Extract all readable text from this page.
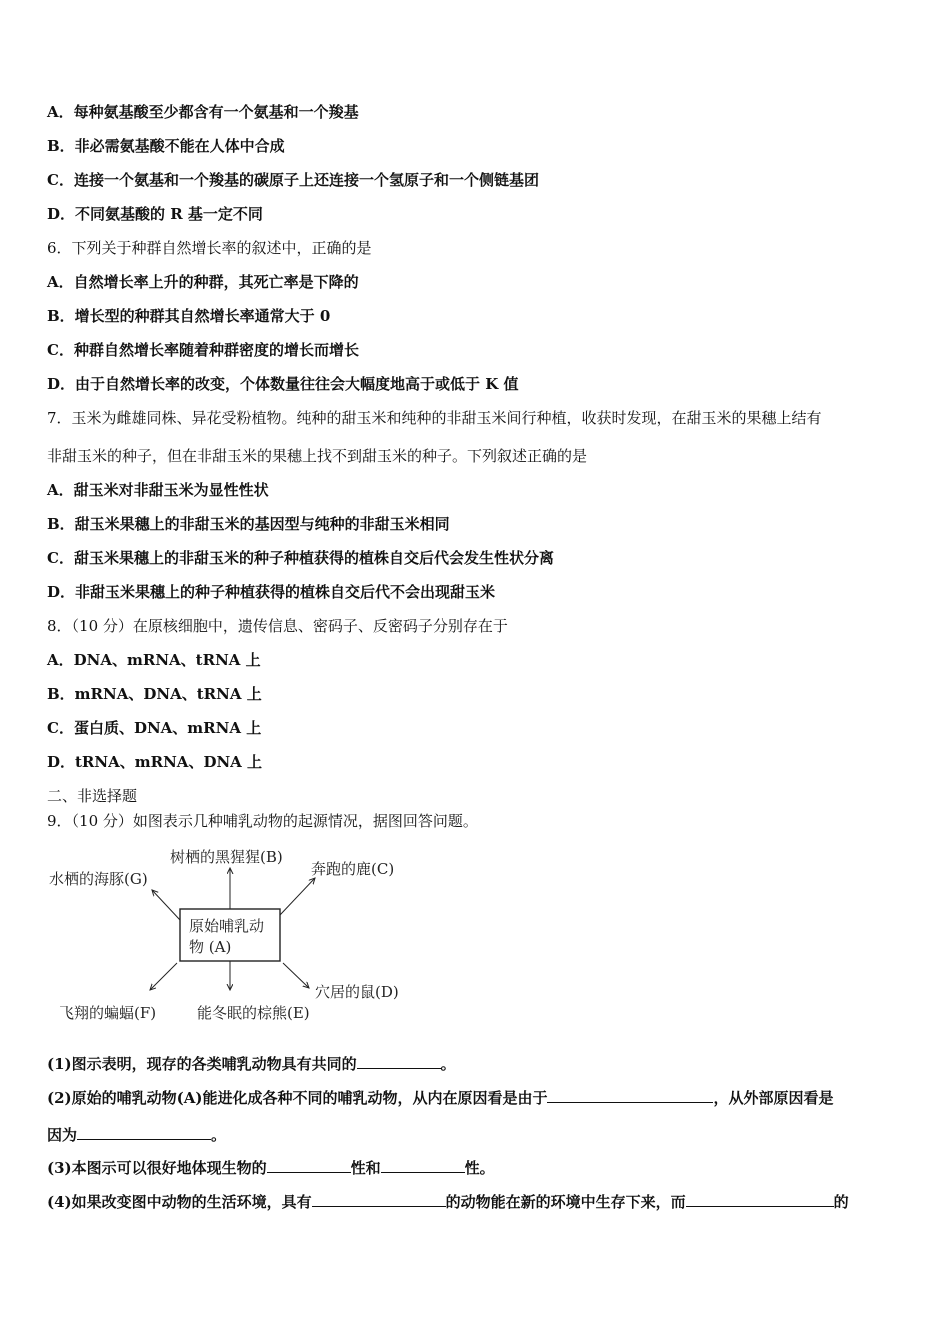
A．每种氨基酸至少都含有一个氨基和一个羧基
B．非必需氨基酸不能在人体中合成
C．连接一个氨基和一个羧基的碳原子上还连接一个氢原子和一个侧链基团
D．不同氨基酸的 R 基一定不同
6．下列关于种群自然增长率的叙述中，正确的是
A．自然增长率上升的种群，其死亡率是下降的
B．增长型的种群其自然增长率通常大于 0
C．种群自然增长率随着种群密度的增长而增长
D．由于自然增长率的改变，个体数量往往会大幅度地高于或低于 K 值
7．玉米为雌雄同株、异花受粉植物。纯种的甜玉米和纯种的非甜玉米间行种植，收获时发现，在甜玉米的果穗上结有
非甜玉米的种子，但在非甜玉米的果穗上找不到甜玉米的种子。下列叙述正确的是
A．甜玉米对非甜玉米为显性性状
B．甜玉米果穗上的非甜玉米的基因型与纯种的非甜玉米相同
C．甜玉米果穗上的非甜玉米的种子种植获得的植株自交后代会发生性状分离
D．非甜玉米果穗上的种子种植获得的植株自交后代不会出现甜玉米
8．（10 分）在原核细胞中，遗传信息、密码子、反密码子分别存在于
A．DNA、mRNA、tRNA 上
B．mRNA、DNA、tRNA 上
C．蛋白质、DNA、mRNA 上
D．tRNA、mRNA、DNA 上
二、非选择题
9．（10 分）如图表示几种哺乳动物的起源情况，据图回答问题。
原始哺乳动
物 (A)
树栖的黑猩猩(B)
奔跑的鹿(C)
水栖的海豚(G)
穴居的鼠(D)
能冬眠的棕熊(E)
飞翔的蝙蝠(F)
(1)图示表明，现存的各类哺乳动物具有共同的	。
(2)原始的哺乳动物(A)能进化成各种不同的哺乳动物，从内在原因看是由于	，从外部原因看是
因为	。
(3)本图示可以很好地体现生物的	性和	性。
(4)如果改变图中动物的生活环境，具有	的动物能在新的环境中生存下来，而	的
